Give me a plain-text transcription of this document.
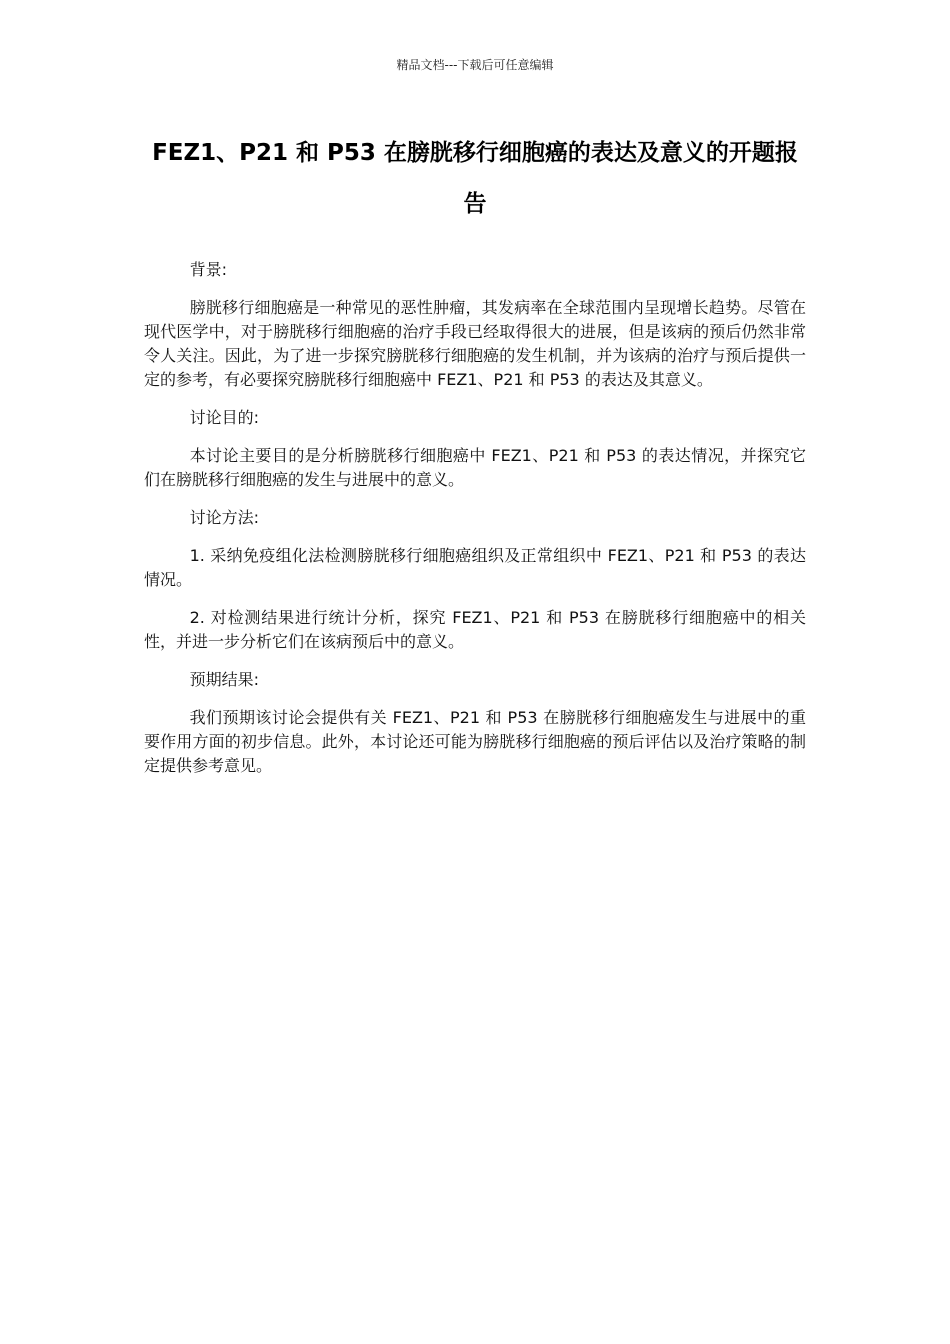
精品文档---下载后可任意编辑
FEZ1、P21 和 P53 在膀胱移行细胞癌的表达及意义的开题报告

背景:

膀胱移行细胞癌是一种常见的恶性肿瘤，其发病率在全球范围内呈现增长趋势。尽管在现代医学中，对于膀胱移行细胞癌的治疗手段已经取得很大的进展，但是该病的预后仍然非常令人关注。因此，为了进一步探究膀胱移行细胞癌的发生机制，并为该病的治疗与预后提供一定的参考，有必要探究膀胱移行细胞癌中 FEZ1、P21 和 P53 的表达及其意义。

讨论目的:

本讨论主要目的是分析膀胱移行细胞癌中 FEZ1、P21 和 P53 的表达情况，并探究它们在膀胱移行细胞癌的发生与进展中的意义。

讨论方法:

1. 采纳免疫组化法检测膀胱移行细胞癌组织及正常组织中 FEZ1、P21 和 P53 的表达情况。

2. 对检测结果进行统计分析，探究 FEZ1、P21 和 P53 在膀胱移行细胞癌中的相关性，并进一步分析它们在该病预后中的意义。

预期结果:

我们预期该讨论会提供有关 FEZ1、P21 和 P53 在膀胱移行细胞癌发生与进展中的重要作用方面的初步信息。此外，本讨论还可能为膀胱移行细胞癌的预后评估以及治疗策略的制定提供参考意见。
